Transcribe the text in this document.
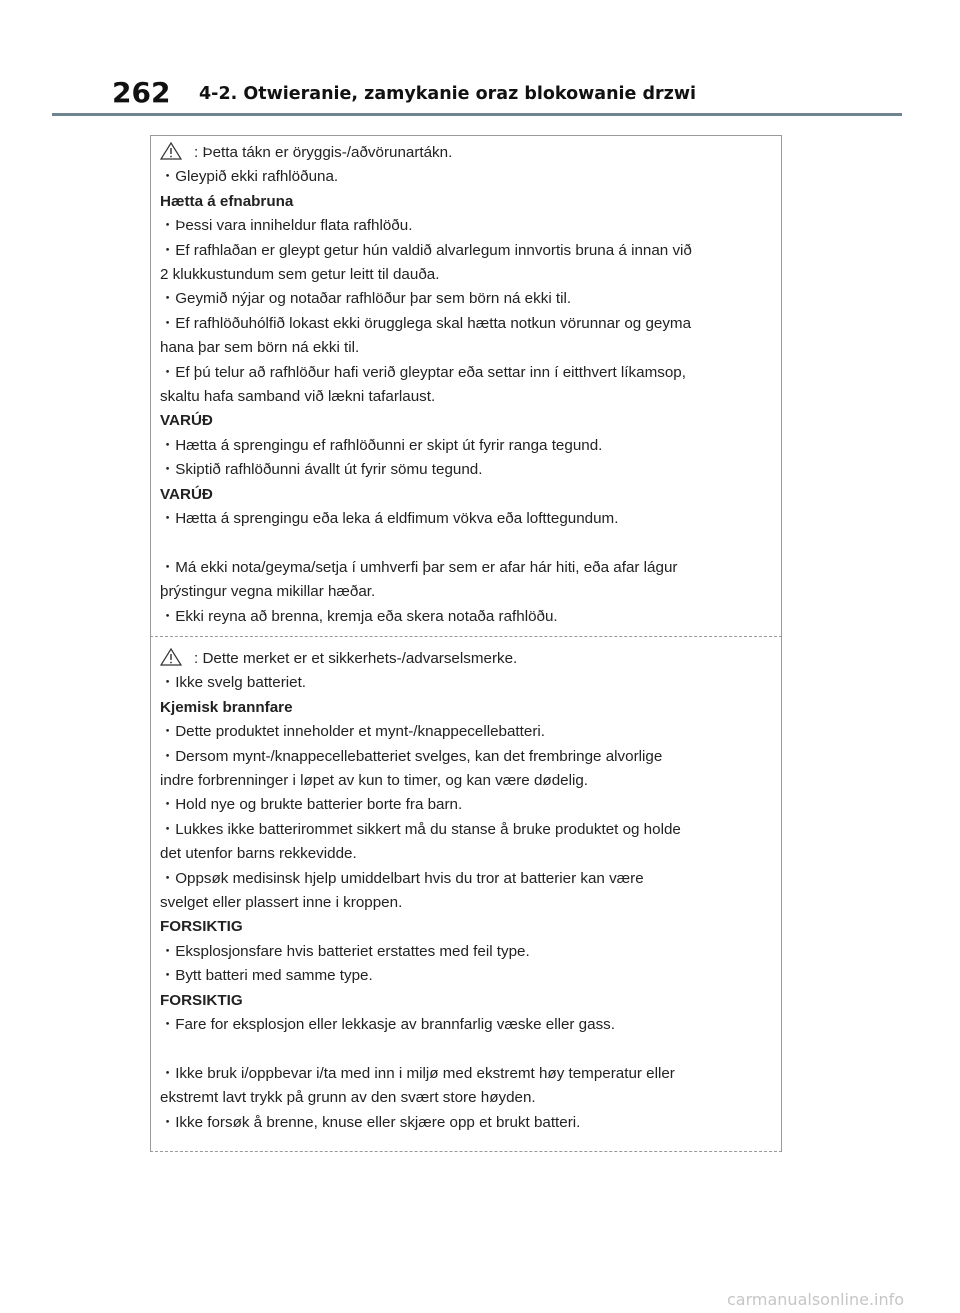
262 4-2. Otwieranie, zamykanie oraz blokowanie drzwi
: Þetta tákn er öryggis-/aðvörunartákn.
・Gleypið ekki rafhlöðuna.
Hætta á efnabruna
・Þessi vara inniheldur flata rafhlöðu.
・Ef rafhlaðan er gleypt getur hún valdið alvarlegum innvortis bruna á innan við
2 klukkustundum sem getur leitt til dauða.
・Geymið nýjar og notaðar rafhlöður þar sem börn ná ekki til.
・Ef rafhlöðuhólfið lokast ekki örugglega skal hætta notkun vörunnar og geyma
hana þar sem börn ná ekki til.
・Ef þú telur að rafhlöður hafi verið gleyptar eða settar inn í eitthvert líkamsop,
skaltu hafa samband við lækni tafarlaust.
VARÚÐ
・Hætta á sprengingu ef rafhlöðunni er skipt út fyrir ranga tegund.
・Skiptið rafhlöðunni ávallt út fyrir sömu tegund.
VARÚÐ
・Hætta á sprengingu eða leka á eldfimum vökva eða lofttegundum.
・Má ekki nota/geyma/setja í umhverfi þar sem er afar hár hiti, eða afar lágur
þrýstingur vegna mikillar hæðar.
・Ekki reyna að brenna, kremja eða skera notaða rafhlöðu.
: Dette merket er et sikkerhets-/advarselsmerke.
・Ikke svelg batteriet.
Kjemisk brannfare
・Dette produktet inneholder et mynt-/knappecellebatteri.
・Dersom mynt-/knappecellebatteriet svelges, kan det frembringe alvorlige
indre forbrenninger i løpet av kun to timer, og kan være dødelig.
・Hold nye og brukte batterier borte fra barn.
・Lukkes ikke batterirommet sikkert må du stanse å bruke produktet og holde
det utenfor barns rekkevidde.
・Oppsøk medisinsk hjelp umiddelbart hvis du tror at batterier kan være
svelget eller plassert inne i kroppen.
FORSIKTIG
・Eksplosjonsfare hvis batteriet erstattes med feil type.
・Bytt batteri med samme type.
FORSIKTIG
・Fare for eksplosjon eller lekkasje av brannfarlig væske eller gass.
・Ikke bruk i/oppbevar i/ta med inn i miljø med ekstremt høy temperatur eller
ekstremt lavt trykk på grunn av den svært store høyden.
・Ikke forsøk å brenne, knuse eller skjære opp et brukt batteri.
carmanualsonline.info
